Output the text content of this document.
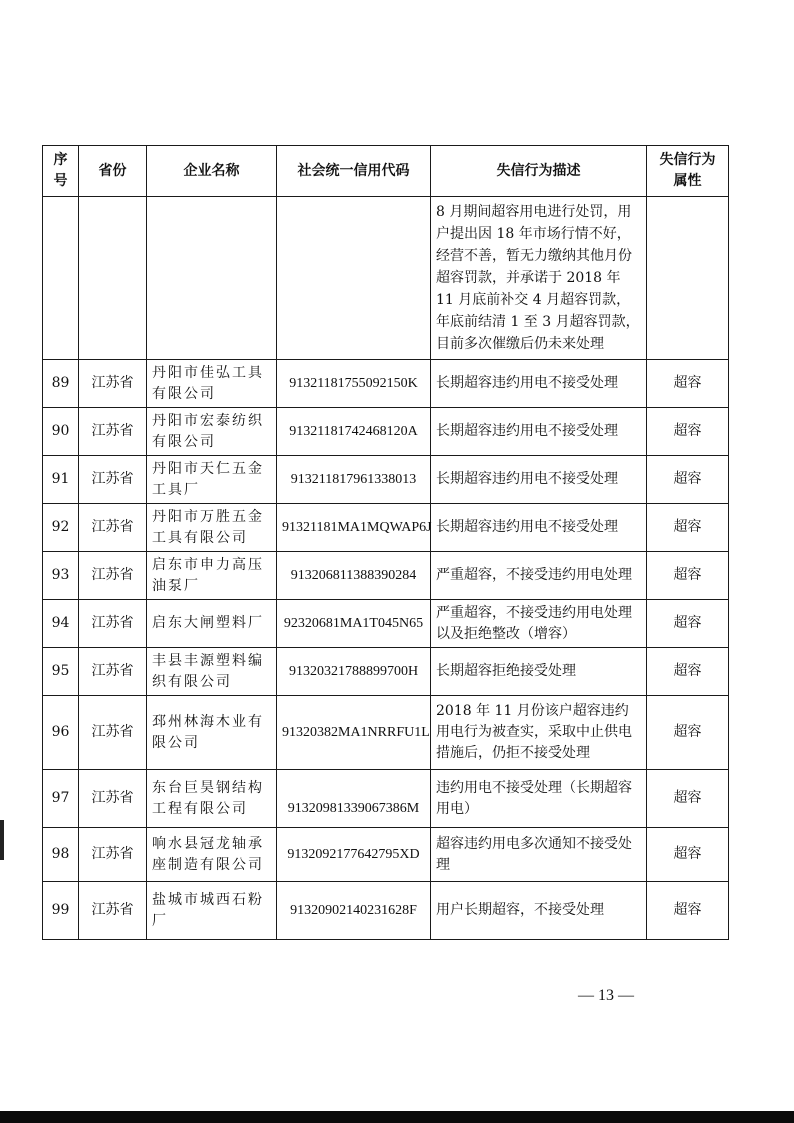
序号	省份	企业名称	社会统一信用代码	失信行为描述	失信行为属性
				8 月期间超容用电进行处罚，用户提出因 18 年市场行情不好，经营不善，暂无力缴纳其他月份超容罚款，并承诺于 2018 年 11 月底前补交 4 月超容罚款，年底前结清 1 至 3 月超容罚款，目前多次催缴后仍未来处理	
89	江苏省	丹阳市佳弘工具有限公司	91321181755092150K	长期超容违约用电不接受处理	超容
90	江苏省	丹阳市宏泰纺织有限公司	913211817424681​20A	长期超容违约用电不接受处理	超容
91	江苏省	丹阳市天仁五金工具厂	91321181796133801​3	长期超容违约用电不接受处理	超容
92	江苏省	丹阳市万胜五金工具有限公司	91321181MA1MQWAP6J	长期超容违约用电不接受处理	超容
93	江苏省	启东市申力高压油泵厂	913206811388390284	严重超容，不接受违约用电处理	超容
94	江苏省	启东大闸塑料厂	92320681MA1T045N65	严重超容，不接受违约用电处理以及拒绝整改（增容）	超容
95	江苏省	丰县丰源塑料编织有限公司	91320321788899700H	长期超容拒绝接受处理	超容
96	江苏省	邳州林海木业有限公司	91320382MA1NRRFU1L	2018 年 11 月份该户超容违约用电行为被查实，采取中止供电措施后，仍拒不接受处理	超容
97	江苏省	东台巨昊钢结构工程有限公司	913209813390673​86M	违约用电不接受处理（长期超容用电）	超容
98	江苏省	响水县冠龙轴承座制造有限公司	913209217764279​5XD	超容违约用电多次通知不接受处理	超容
99	江苏省	盐城市城西石粉厂	91320902140231628F	用户长期超容，不接受处理	超容
— 13 —
